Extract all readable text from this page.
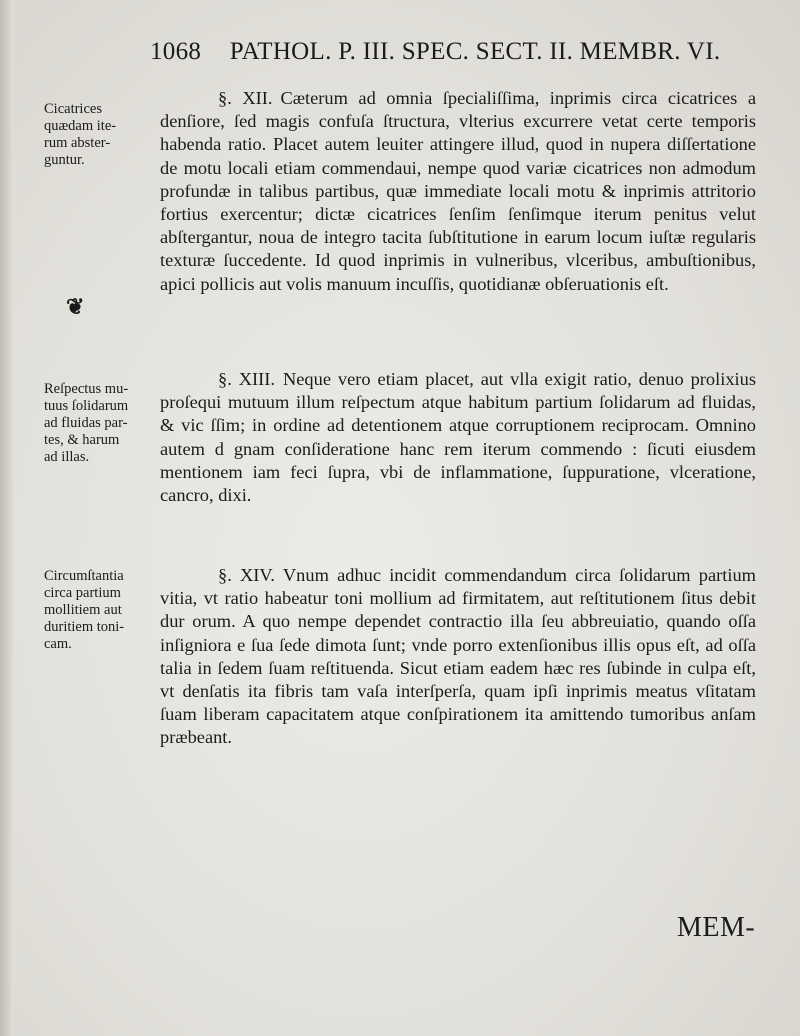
1068 PATHOL. P. III. SPEC. SECT. II. MEMBR. VI.
Cicatrices
quædam ite-
rum abster-
guntur.
Reſpectus mu-
tuus ſolidarum
ad fluidas par-
tes, & harum
ad illas.
Circumſtantia
circa partium
mollitiem aut
duritiem toni-
cam.
❦
§. XII. Cæterum ad omnia ſpecialiſſima, inprimis circa cicatrices a denſiore, ſed magis confuſa ſtructura, vlterius excurrere vetat certe temporis habenda ratio. Placet autem leuiter attingere illud, quod in nupera diſſertatione de motu locali etiam commendaui, nempe quod variæ cicatrices non admodum profundæ in talibus partibus, quæ immediate locali motu & inprimis attritorio fortius exercentur; dictæ cicatrices ſenſim ſenſimque iterum penitus velut abſtergantur, noua de integro tacita ſubſtitutione in earum locum iuſtæ regularis texturæ ſuccedente. Id quod inprimis in vulneribus, vlceribus, ambuſtionibus, apici pollicis aut volis manuum incuſſis, quotidianæ obſeruationis eſt.
§. XIII. Neque vero etiam placet, aut vlla exigit ratio, denuo prolixius proſequi mutuum illum reſpectum atque habitum partium ſolidarum ad fluidas, & vic ſſim; in ordine ad detentionem atque corruptionem reciprocam. Omnino autem d gnam conſideratione hanc rem iterum commendo : ſicuti eiusdem mentionem iam feci ſupra, vbi de inflammatione, ſuppuratione, vlceratione, cancro, dixi.
§. XIV. Vnum adhuc incidit commendandum circa ſolidarum partium vitia, vt ratio habeatur toni mollium ad firmitatem, aut reſtitutionem ſitus debit dur orum. A quo nempe dependet contractio illa ſeu abbreuiatio, quando oſſa inſigniora e ſua ſede dimota ſunt; vnde porro extenſionibus illis opus eſt, ad oſſa talia in ſedem ſuam reſtituenda. Sicut etiam eadem hæc res ſubinde in culpa eſt, vt denſatis ita fibris tam vaſa interſperſa, quam ipſi inprimis meatus vſitatam ſuam liberam capacitatem atque conſpirationem ita amittendo tumoribus anſam præbeant.
MEM-
